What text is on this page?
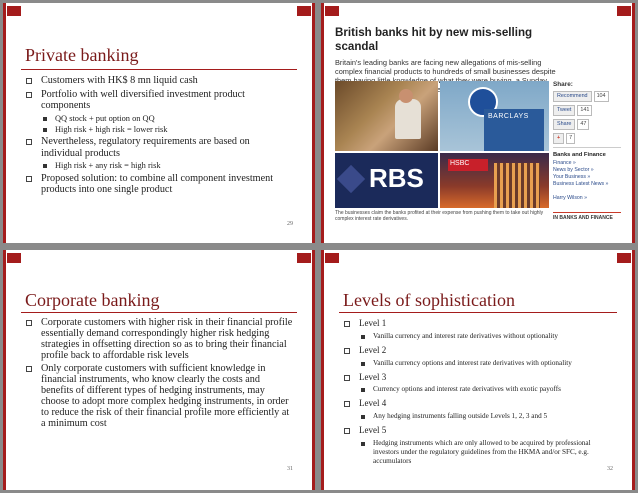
Private banking
Customers with HK$ 8 mn liquid cash
Portfolio with well diversified investment product components
QQ stock + put option on QQ
High risk + high risk = lower risk
Nevertheless, regulatory requirements are based on individual products
High risk + any risk = high risk
Proposed solution: to combine all component investment products into one single product
29
British banks hit by new mis-selling scandal
Britain's leading banks are facing new allegations of mis-selling complex financial products to hundreds of small businesses despite
BARCLAYS
RBS	HSBC
The businesses claim the banks profited at their expense from pushing them to take out highly complex interest rate derivatives.
Share:
Recommend	104
Tweet	141
Share	47
+	7
Banks and Finance
Finance »
News by Sector »
Your Business »
Business Latest News »
Harry Wilson »
IN BANKS AND FINANCE
Corporate banking
Corporate customers with higher risk in their financial profile essentially demand correspondingly higher risk hedging strategies in offsetting direction so as to bring their financial profile back to affordable risk levels
Only corporate customers with sufficient knowledge in financial instruments, who know clearly the costs and benefits of different types of hedging instruments, may choose to adopt more complex hedging instruments, in order to reduce the risk of their financial profile more efficiently at a minimum cost
31
Levels of sophistication
Level 1
Vanilla currency and interest rate derivatives without optionality
Level 2
Vanilla currency options and interest rate derivatives with optionality
Level 3
Currency options and interest rate derivatives with exotic payoffs
Level 4
Any hedging instruments falling outside Levels 1, 2, 3 and 5
Level 5
Hedging instruments which are only allowed to be acquired by professional investors under the regulatory guidelines from the HKMA and/or SFC, e.g. accumulators
32
